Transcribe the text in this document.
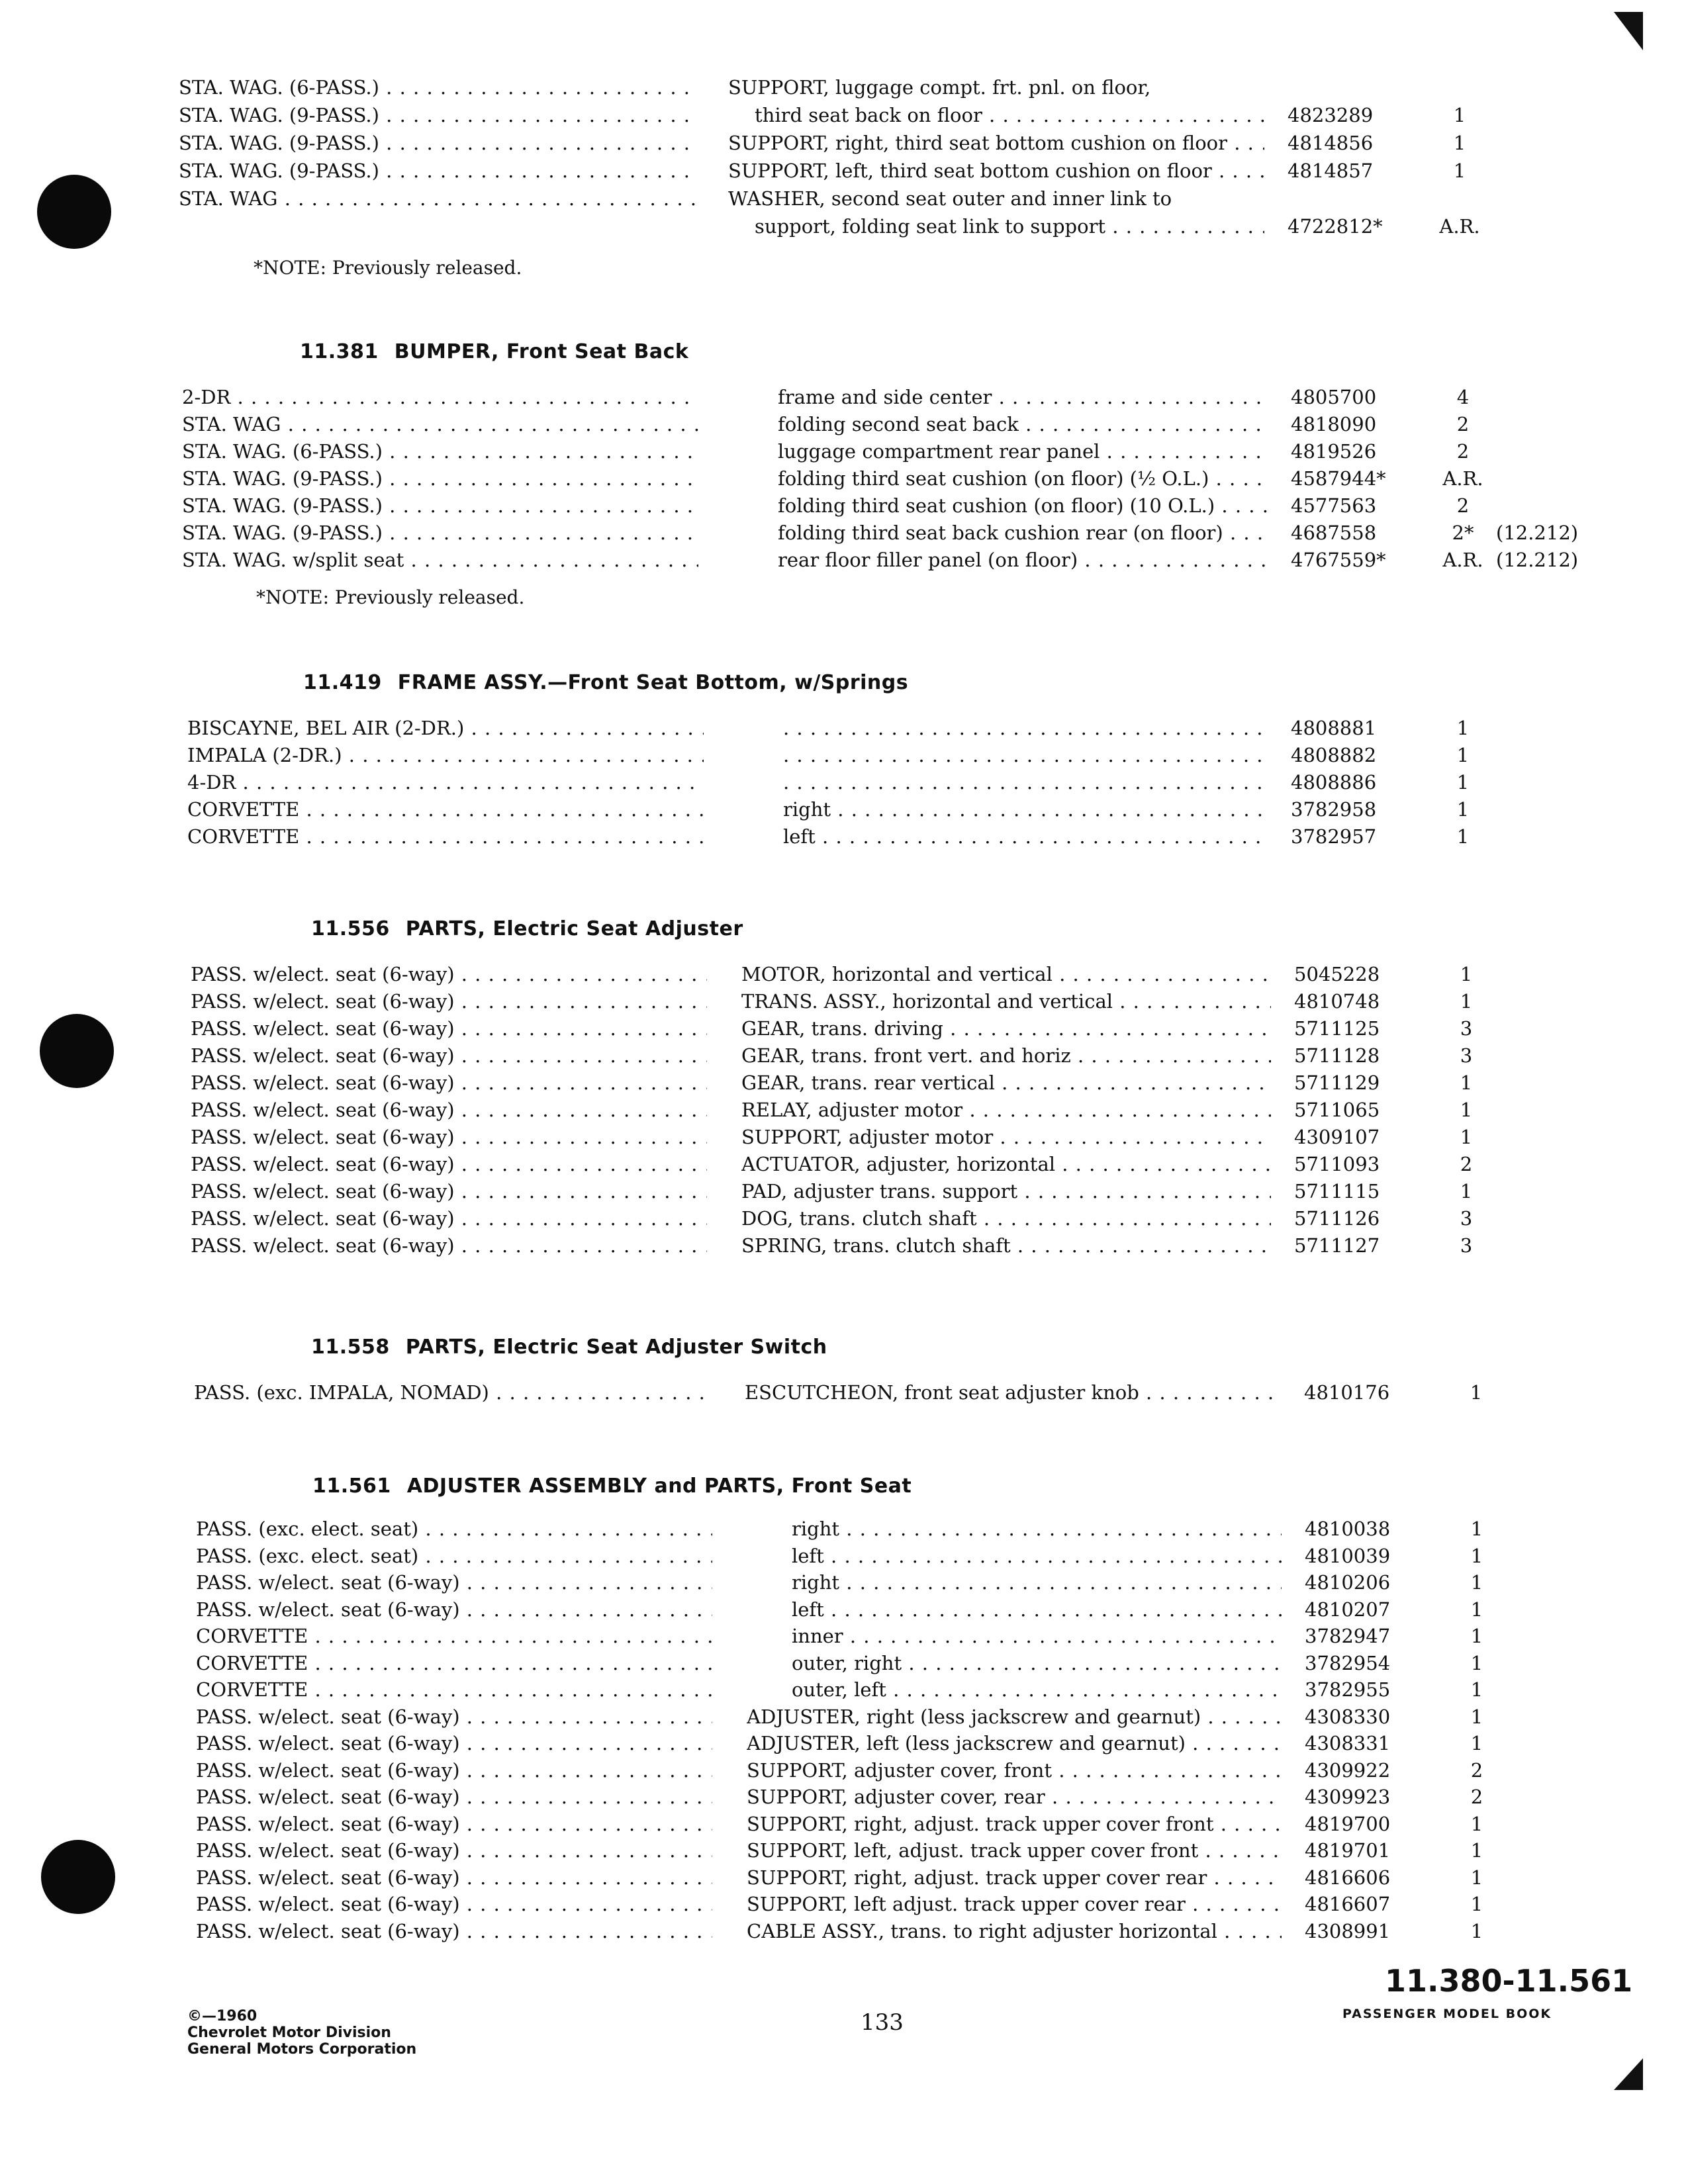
STA. WAG. (6-PASS.) . . .	SUPPORT, luggage compt. frt. pnl. on floor,
STA. WAG. (9-PASS.) . . .	third seat back on floor . . .	4823289	1
STA. WAG. (9-PASS.) . . .	SUPPORT, right, third seat bottom cushion on floor . . .	4814856	1
STA. WAG. (9-PASS.) . . .	SUPPORT, left, third seat bottom cushion on floor . . .	4814857	1
STA. WAG . . .	WASHER, second seat outer and inner link to
support, folding seat link to support . . .	4722812*	A.R.
*NOTE: Previously released.
11.381 BUMPER, Front Seat Back
2-DR . . .	frame and side center . . .	4805700	4
STA. WAG . . .	folding second seat back . . .	4818090	2
STA. WAG. (6-PASS.) . . .	luggage compartment rear panel . . .	4819526	2
STA. WAG. (9-PASS.) . . .	folding third seat cushion (on floor) (½ O.L.) . . .	4587944*	A.R.
STA. WAG. (9-PASS.) . . .	folding third seat cushion (on floor) (10 O.L.) . . .	4577563	2
STA. WAG. (9-PASS.) . . .	folding third seat back cushion rear (on floor) . . .	4687558	2*	(12.212)
STA. WAG. w/split seat . . .	rear floor filler panel (on floor) . . .	4767559*	A.R. (12.212)
*NOTE: Previously released.
11.419 FRAME ASSY.—Front Seat Bottom, w/Springs
BISCAYNE, BEL AIR (2-DR.) . . . . . .	4808881	1
IMPALA (2-DR.) . . . . . .	4808882	1
4-DR . . . . . .	4808886	1
CORVETTE . . .	right . . .	3782958	1
CORVETTE . . .	left . . .	3782957	1
11.556 PARTS, Electric Seat Adjuster
PASS. w/elect. seat (6-way) . . .	MOTOR, horizontal and vertical . . .	5045228	1
PASS. w/elect. seat (6-way) . . .	TRANS. ASSY., horizontal and vertical . . .	4810748	1
PASS. w/elect. seat (6-way) . . .	GEAR, trans. driving . . .	5711125	3
PASS. w/elect. seat (6-way) . . .	GEAR, trans. front vert. and horiz . . .	5711128	3
PASS. w/elect. seat (6-way) . . .	GEAR, trans. rear vertical . . .	5711129	1
PASS. w/elect. seat (6-way) . . .	RELAY, adjuster motor . . .	5711065	1
PASS. w/elect. seat (6-way) . . .	SUPPORT, adjuster motor . . .	4309107	1
PASS. w/elect. seat (6-way) . . .	ACTUATOR, adjuster, horizontal . . .	5711093	2
PASS. w/elect. seat (6-way) . . .	PAD, adjuster trans. support . . .	5711115	1
PASS. w/elect. seat (6-way) . . .	DOG, trans. clutch shaft . . .	5711126	3
PASS. w/elect. seat (6-way) . . .	SPRING, trans. clutch shaft . . .	5711127	3
11.558 PARTS, Electric Seat Adjuster Switch
PASS. (exc. IMPALA, NOMAD) . . .	ESCUTCHEON, front seat adjuster knob . . .	4810176	1
11.561 ADJUSTER ASSEMBLY and PARTS, Front Seat
PASS. (exc. elect. seat) . . .	right . . .	4810038	1
PASS. (exc. elect. seat) . . .	left . . .	4810039	1
PASS. w/elect. seat (6-way) . . .	right . . .	4810206	1
PASS. w/elect. seat (6-way) . . .	left . . .	4810207	1
CORVETTE . . .	inner . . .	3782947	1
CORVETTE . . .	outer, right . . .	3782954	1
CORVETTE . . .	outer, left . . .	3782955	1
PASS. w/elect. seat (6-way) . . .	ADJUSTER, right (less jackscrew and gearnut) . . .	4308330	1
PASS. w/elect. seat (6-way) . . .	ADJUSTER, left (less jackscrew and gearnut) . . .	4308331	1
PASS. w/elect. seat (6-way) . . .	SUPPORT, adjuster cover, front . . .	4309922	2
PASS. w/elect. seat (6-way) . . .	SUPPORT, adjuster cover, rear . . .	4309923	2
PASS. w/elect. seat (6-way) . . .	SUPPORT, right, adjust. track upper cover front . . .	4819700	1
PASS. w/elect. seat (6-way) . . .	SUPPORT, left, adjust. track upper cover front . . .	4819701	1
PASS. w/elect. seat (6-way) . . .	SUPPORT, right, adjust. track upper cover rear . . .	4816606	1
PASS. w/elect. seat (6-way) . . .	SUPPORT, left adjust. track upper cover rear . . .	4816607	1
PASS. w/elect. seat (6-way) . . .	CABLE ASSY., trans. to right adjuster horizontal . . .	4308991	1
©—1960
Chevrolet Motor Division
General Motors Corporation
133
11.380-11.561
PASSENGER MODEL BOOK
